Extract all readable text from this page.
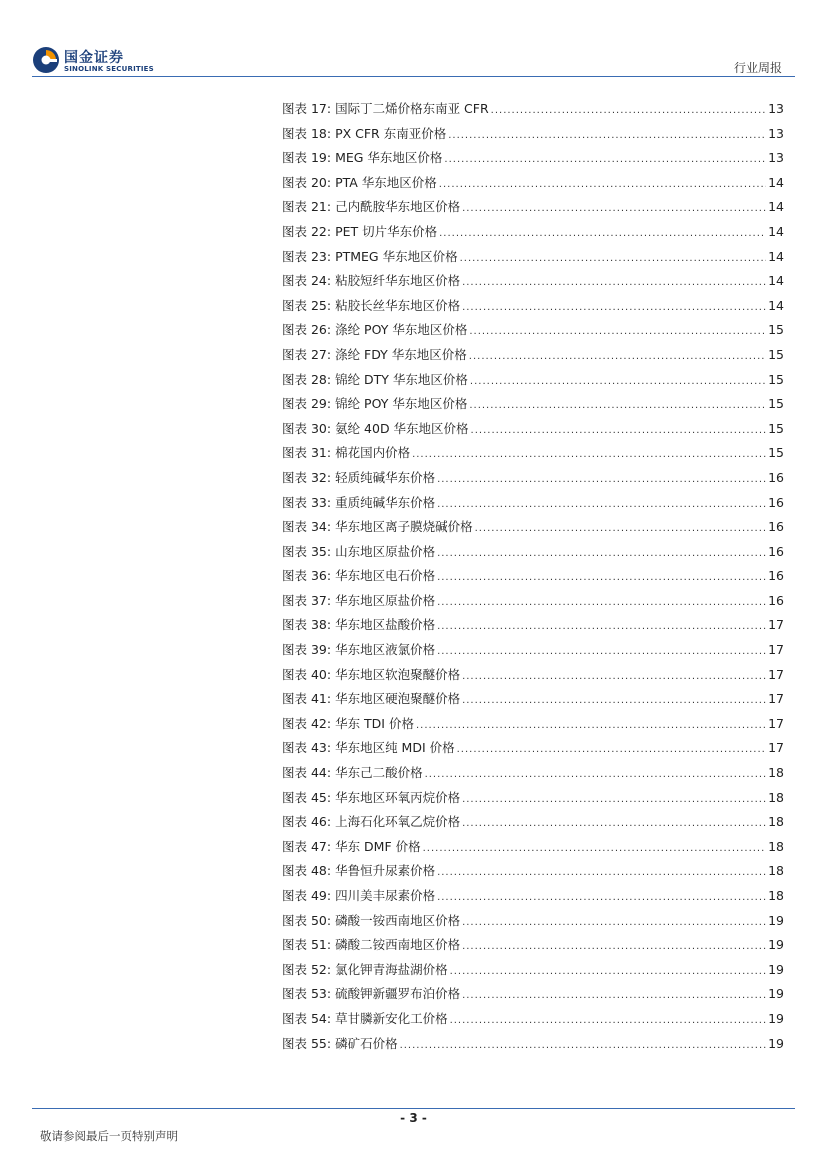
国金证券
SINOLINK SECURITIES	行业周报
图表 17: 国际丁二烯价格东南亚 CFR .....	13
图表 18: PX CFR 东南亚价格 .....	13
图表 19: MEG 华东地区价格 .....	13
图表 20: PTA 华东地区价格 .....	14
图表 21: 己内酰胺华东地区价格 .....	14
图表 22: PET 切片华东价格 .....	14
图表 23: PTMEG 华东地区价格 .....	14
图表 24: 粘胶短纤华东地区价格 .....	14
图表 25: 粘胶长丝华东地区价格 .....	14
图表 26: 涤纶 POY 华东地区价格 .....	15
图表 27: 涤纶 FDY 华东地区价格 .....	15
图表 28: 锦纶 DTY 华东地区价格 .....	15
图表 29: 锦纶 POY 华东地区价格 .....	15
图表 30: 氨纶 40D 华东地区价格 .....	15
图表 31: 棉花国内价格 .....	15
图表 32: 轻质纯碱华东价格 .....	16
图表 33: 重质纯碱华东价格 .....	16
图表 34: 华东地区离子膜烧碱价格 .....	16
图表 35: 山东地区原盐价格 .....	16
图表 36: 华东地区电石价格 .....	16
图表 37: 华东地区原盐价格 .....	16
图表 38: 华东地区盐酸价格 .....	17
图表 39: 华东地区液氯价格 .....	17
图表 40: 华东地区软泡聚醚价格 .....	17
图表 41: 华东地区硬泡聚醚价格 .....	17
图表 42: 华东 TDI 价格 .....	17
图表 43: 华东地区纯 MDI 价格 .....	17
图表 44: 华东己二酸价格 .....	18
图表 45: 华东地区环氧丙烷价格 .....	18
图表 46: 上海石化环氧乙烷价格 .....	18
图表 47: 华东 DMF 价格 .....	18
图表 48: 华鲁恒升尿素价格 .....	18
图表 49: 四川美丰尿素价格 .....	18
图表 50: 磷酸一铵西南地区价格 .....	19
图表 51: 磷酸二铵西南地区价格 .....	19
图表 52: 氯化钾青海盐湖价格 .....	19
图表 53: 硫酸钾新疆罗布泊价格 .....	19
图表 54: 草甘膦新安化工价格 .....	19
图表 55: 磷矿石价格 .....	19
- 3 -
敬请参阅最后一页特别声明
